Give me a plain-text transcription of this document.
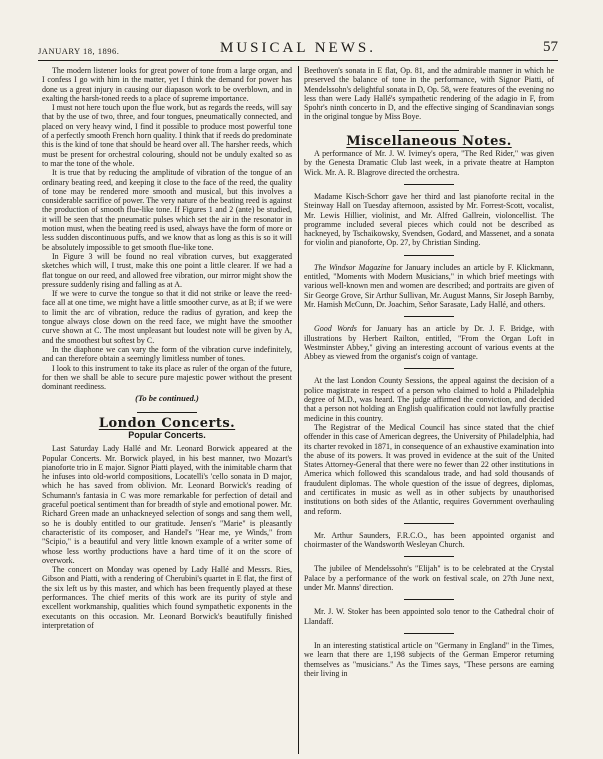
JANUARY 18, 1896.	MUSICAL NEWS.	57

The modern listener looks for great power of tone from a large organ, and I confess I go with him in the matter, yet I think the demand for power has done us a great injury in causing our diapason work to be overblown, and in exalting the harsh-toned reeds to a place of supreme importance.

I must not here touch upon the flue work, but as regards the reeds, will say that by the use of two, three, and four tongues, pneumatically connected, and placed on very heavy wind, I find it possible to produce most powerful tone of a perfectly smooth French horn quality. I think that if reeds do predominate this is the kind of tone that should be heard over all. The harsher reeds, which must be present for orchestral colouring, should not be unduly exalted so as to mar the tone of the whole.

It is true that by reducing the amplitude of vibration of the tongue of an ordinary beating reed, and keeping it close to the face of the reed, the quality of tone may be rendered more smooth and musical, but this involves a considerable sacrifice of power. The very nature of the beating reed is against the production of smooth flue-like tone. If Figures 1 and 2 (ante) be studied, it will be seen that the pneumatic pulses which set the air in the resonator in motion must, when the beating reed is used, always have the form of more or less sudden discontinuous puffs, and we know that as long as this is so it will be absolutely impossible to get smooth flue-like tone.

In Figure 3 will be found no real vibration curves, but exaggerated sketches which will, I trust, make this one point a little clearer. If we had a flat tongue on our reed, and allowed free vibration, our mirror might show the pressure suddenly rising and falling as at A.

If we were to curve the tongue so that it did not strike or leave the reed-face all at one time, we might have a little smoother curve, as at B; if we were to limit the arc of vibration, reduce the radius of gyration, and keep the tongue always close down on the reed face, we might have the smoother curve shown at C. The most unpleasant but loudest note will be given by A, and the smoothest but softest by C.

In the diaphone we can vary the form of the vibration curve indefinitely, and can therefore obtain a seemingly limitless number of tones.

I look to this instrument to take its place as ruler of the organ of the future, for then we shall be able to secure pure majestic power without the present dominant reediness.

(To be continued.)
London Concerts.
Popular Concerts.

Last Saturday Lady Hallé and Mr. Leonard Borwick appeared at the Popular Concerts. Mr. Borwick played, in his best manner, two Mozart's pianoforte trio in E major. Signor Piatti played, with the inimitable charm that he infuses into old-world compositions, Locatelli's 'cello sonata in D major, which he has saved from oblivion. Mr. Leonard Borwick's reading of Schumann's fantasia in C was more remarkable for perfection of detail and graceful poetical sentiment than for breadth of style and emotional power. Mr. Richard Green made an unhackneyed selection of songs and sang them well, so he is doubly entitled to our gratitude. Jensen's "Marie" is pleasantly characteristic of its composer, and Handel's "Hear me, ye Winds," from "Scipio," is a beautiful and very little known example of a writer some of whose less worthy productions have a hard time of it on the score of overwork.

The concert on Monday was opened by Lady Hallé and Messrs. Ries, Gibson and Piatti, with a rendering of Cherubini's quartet in E flat, the first of the six left us by this master, and which has been frequently played at these performances. The chief merits of this work are its purity of style and excellent workmanship, qualities which found sympathetic exponents in the executants on this occasion. Mr. Leonard Borwick's beautifully finished interpretation of

Beethoven's sonata in E flat, Op. 81, and the admirable manner in which he preserved the balance of tone in the performance, with Signor Piatti, of Mendelssohn's delightful sonata in D, Op. 58, were features of the evening no less than were Lady Hallé's sympathetic rendering of the adagio in F, from Spohr's ninth concerto in D, and the effective singing of Scandinavian songs in the original tongue by Miss Boye.

Miscellaneous Notes.

A performance of Mr. J. W. Ivimey's opera, "The Red Rider," was given by the Genesta Dramatic Club last week, in a private theatre at Hampton Wick. Mr. A. R. Blagrove directed the orchestra.

Madame Kisch-Schorr gave her third and last pianoforte recital in the Steinway Hall on Tuesday afternoon, assisted by Mr. Forrest-Scott, vocalist, Mr. Lewis Hillier, violinist, and Mr. Alfred Gallrein, violoncellist. The programme included several pieces which could not be described as hackneyed, by Tschaikowsky, Svendsen, Godard, and Massenet, and a sonata for violin and pianoforte, Op. 27, by Christian Sinding.

The Windsor Magazine for January includes an article by F. Klickmann, entitled, "Moments with Modern Musicians," in which brief meetings with various well-known men and women are described; and portraits are given of Sir George Grove, Sir Arthur Sullivan, Mr. August Manns, Sir Joseph Barnby, Mr. Hamish McCunn, Dr. Joachim, Señor Sarasate, Lady Hallé, and others.

Good Words for January has an article by Dr. J. F. Bridge, with illustrations by Herbert Railton, entitled, "From the Organ Loft in Westminster Abbey," giving an interesting account of various events at the Abbey as viewed from the organist's coign of vantage.

At the last London County Sessions, the appeal against the decision of a police magistrate in respect of a person who claimed to hold a Philadelphia degree of M.D., was heard. The judge affirmed the conviction, and decided that a person not holding an English qualification could not lawfully practise medicine in this country.

The Registrar of the Medical Council has since stated that the chief offender in this case of American degrees, the University of Philadelphia, had its charter revoked in 1871, in consequence of an exhaustive examination into the abuse of its powers. It was proved in evidence at the suit of the United States Attorney-General that there were no fewer than 22 other institutions in America which followed this scandalous trade, and had sold thousands of fraudulent diplomas. The whole question of the issue of degrees, diplomas, and certificates in music as well as in other subjects by unauthorised institutions on both sides of the Atlantic, requires Government overhauling and reform.

Mr. Arthur Saunders, F.R.C.O., has been appointed organist and choirmaster of the Wandsworth Wesleyan Church.

The jubilee of Mendelssohn's "Elijah" is to be celebrated at the Crystal Palace by a performance of the work on festival scale, on 27th June next, under Mr. Manns' direction.

Mr. J. W. Stoker has been appointed solo tenor to the Cathedral choir of Llandaff.

In an interesting statistical article on "Germany in England" in the Times, we learn that there are 1,198 subjects of the German Emperor returning themselves as "musicians." As the Times says, "These persons are earning their living in
